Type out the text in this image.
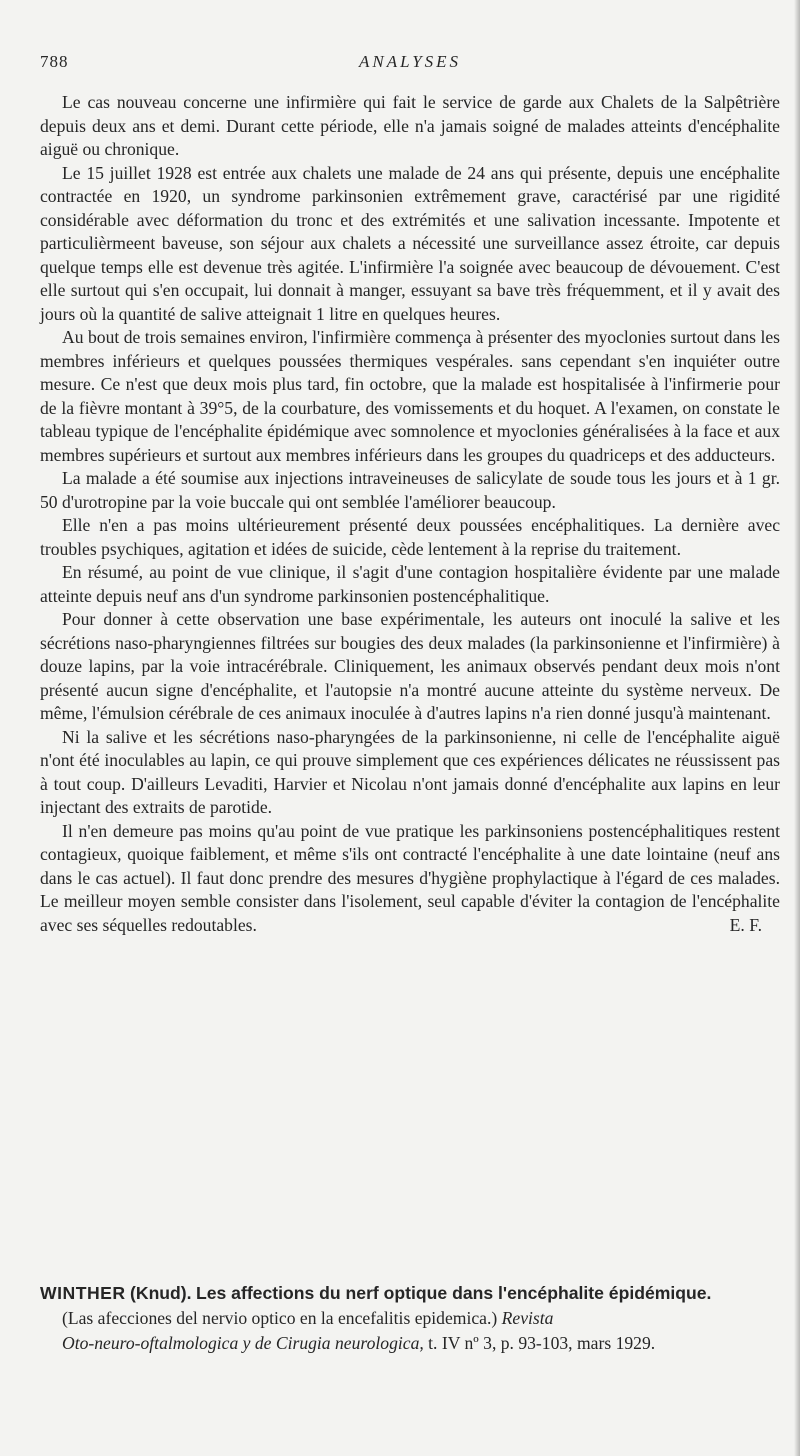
788	ANALYSES

Le cas nouveau concerne une infirmière qui fait le service de garde aux Chalets de la Salpêtrière depuis deux ans et demi. Durant cette période, elle n'a jamais soigné de malades atteints d'encéphalite aiguë ou chronique.

Le 15 juillet 1928 est entrée aux chalets une malade de 24 ans qui présente, depuis une encéphalite contractée en 1920, un syndrome parkinsonien extrêmement grave, caractérisé par une rigidité considérable avec déformation du tronc et des extrémités et une salivation incessante. Impotente et particulièrmeent baveuse, son séjour aux chalets a nécessité une surveillance assez étroite, car depuis quelque temps elle est devenue très agitée. L'infirmière l'a soignée avec beaucoup de dévouement. C'est elle surtout qui s'en occupait, lui donnait à manger, essuyant sa bave très fréquemment, et il y avait des jours où la quantité de salive atteignait 1 litre en quelques heures.

Au bout de trois semaines environ, l'infirmière commença à présenter des myoclonies surtout dans les membres inférieurs et quelques poussées thermiques vespérales. sans cependant s'en inquiéter outre mesure. Ce n'est que deux mois plus tard, fin octobre, que la malade est hospitalisée à l'infirmerie pour de la fièvre montant à 39°5, de la courbature, des vomissements et du hoquet. A l'examen, on constate le tableau typique de l'encéphalite épidémique avec somnolence et myoclonies généralisées à la face et aux membres supérieurs et surtout aux membres inférieurs dans les groupes du quadriceps et des adducteurs.

La malade a été soumise aux injections intraveineuses de salicylate de soude tous les jours et à 1 gr. 50 d'urotropine par la voie buccale qui ont semblée l'améliorer beaucoup.

Elle n'en a pas moins ultérieurement présenté deux poussées encéphalitiques. La dernière avec troubles psychiques, agitation et idées de suicide, cède lentement à la reprise du traitement.

En résumé, au point de vue clinique, il s'agit d'une contagion hospitalière évidente par une malade atteinte depuis neuf ans d'un syndrome parkinsonien postencéphalitique.

Pour donner à cette observation une base expérimentale, les auteurs ont inoculé la salive et les sécrétions naso-pharyngiennes filtrées sur bougies des deux malades (la parkinsonienne et l'infirmière) à douze lapins, par la voie intracérébrale. Cliniquement, les animaux observés pendant deux mois n'ont présenté aucun signe d'encéphalite, et l'autopsie n'a montré aucune atteinte du système nerveux. De même, l'émulsion cérébrale de ces animaux inoculée à d'autres lapins n'a rien donné jusqu'à maintenant.

Ni la salive et les sécrétions naso-pharyngées de la parkinsonienne, ni celle de l'encéphalite aiguë n'ont été inoculables au lapin, ce qui prouve simplement que ces expériences délicates ne réussissent pas à tout coup. D'ailleurs Levaditi, Harvier et Nicolau n'ont jamais donné d'encéphalite aux lapins en leur injectant des extraits de parotide.

Il n'en demeure pas moins qu'au point de vue pratique les parkinsoniens postencéphalitiques restent contagieux, quoique faiblement, et même s'ils ont contracté l'encéphalite à une date lointaine (neuf ans dans le cas actuel). Il faut donc prendre des mesures d'hygiène prophylactique à l'égard de ces malades. Le meilleur moyen semble consister dans l'isolement, seul capable d'éviter la contagion de l'encéphalite avec ses séquelles redoutables.	E. F.

WINTHER (Knud). Les affections du nerf optique dans l'encéphalite épidémique.

(Las afecciones del nervio optico en la encefalitis epidemica.) Revista

Oto-neuro-oftalmologica y de Cirugia neurologica, t. IV nº 3, p. 93-103, mars 1929.
